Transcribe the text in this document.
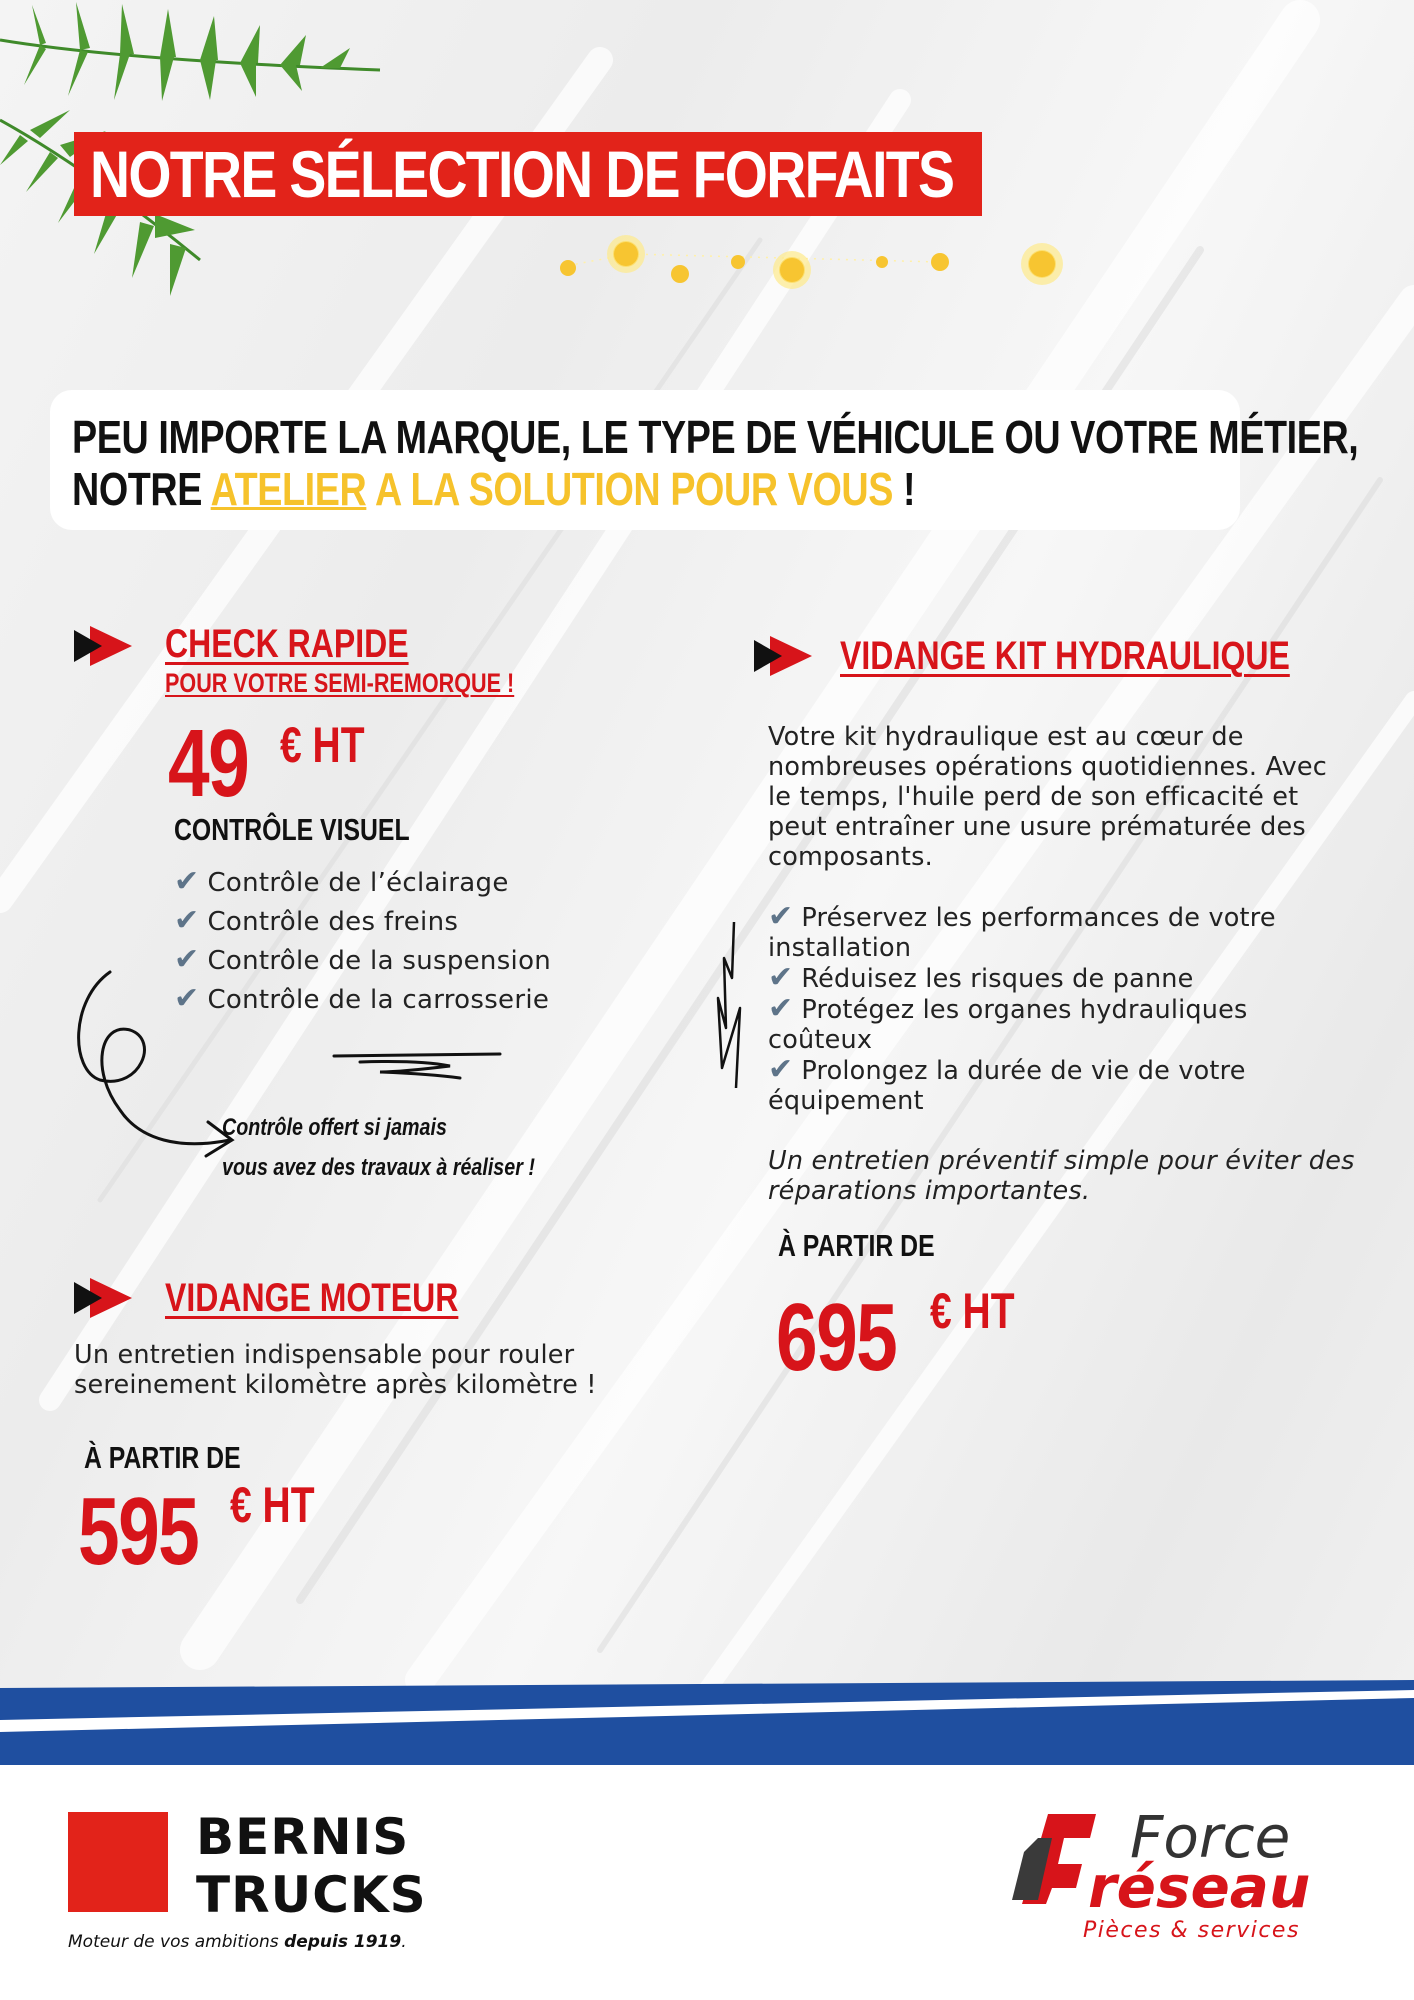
NOTRE SÉLECTION DE FORFAITS
PEU IMPORTE LA MARQUE, LE TYPE DE VÉHICULE OU VOTRE MÉTIER,
NOTRE ATELIER A LA SOLUTION POUR VOUS !
CHECK RAPIDE
POUR VOTRE SEMI-REMORQUE !
49 € HT
CONTRÔLE VISUEL
✔ Contrôle de l’éclairage
✔ Contrôle des freins
✔ Contrôle de la suspension
✔ Contrôle de la carrosserie
Contrôle offert si jamais
vous avez des travaux à réaliser !
VIDANGE MOTEUR

Un entretien indispensable pour rouler

sereinement kilomètre après kilomètre !

À PARTIR DE
595 € HT
VIDANGE KIT HYDRAULIQUE

Votre kit hydraulique est au cœur de

nombreuses opérations quotidiennes. Avec

le temps, l'huile perd de son efficacité et

peut entraîner une usure prématurée des

composants.

✔ Préservez les performances de votre

installation

✔ Réduisez les risques de panne

✔ Protégez les organes hydrauliques

coûteux

✔ Prolongez la durée de vie de votre

équipement

Un entretien préventif simple pour éviter des
réparations importantes.
À PARTIR DE
695 € HT
BERNIS
TRUCKS
Moteur de vos ambitions depuis 1919.
Force
réseau
Pièces & services
